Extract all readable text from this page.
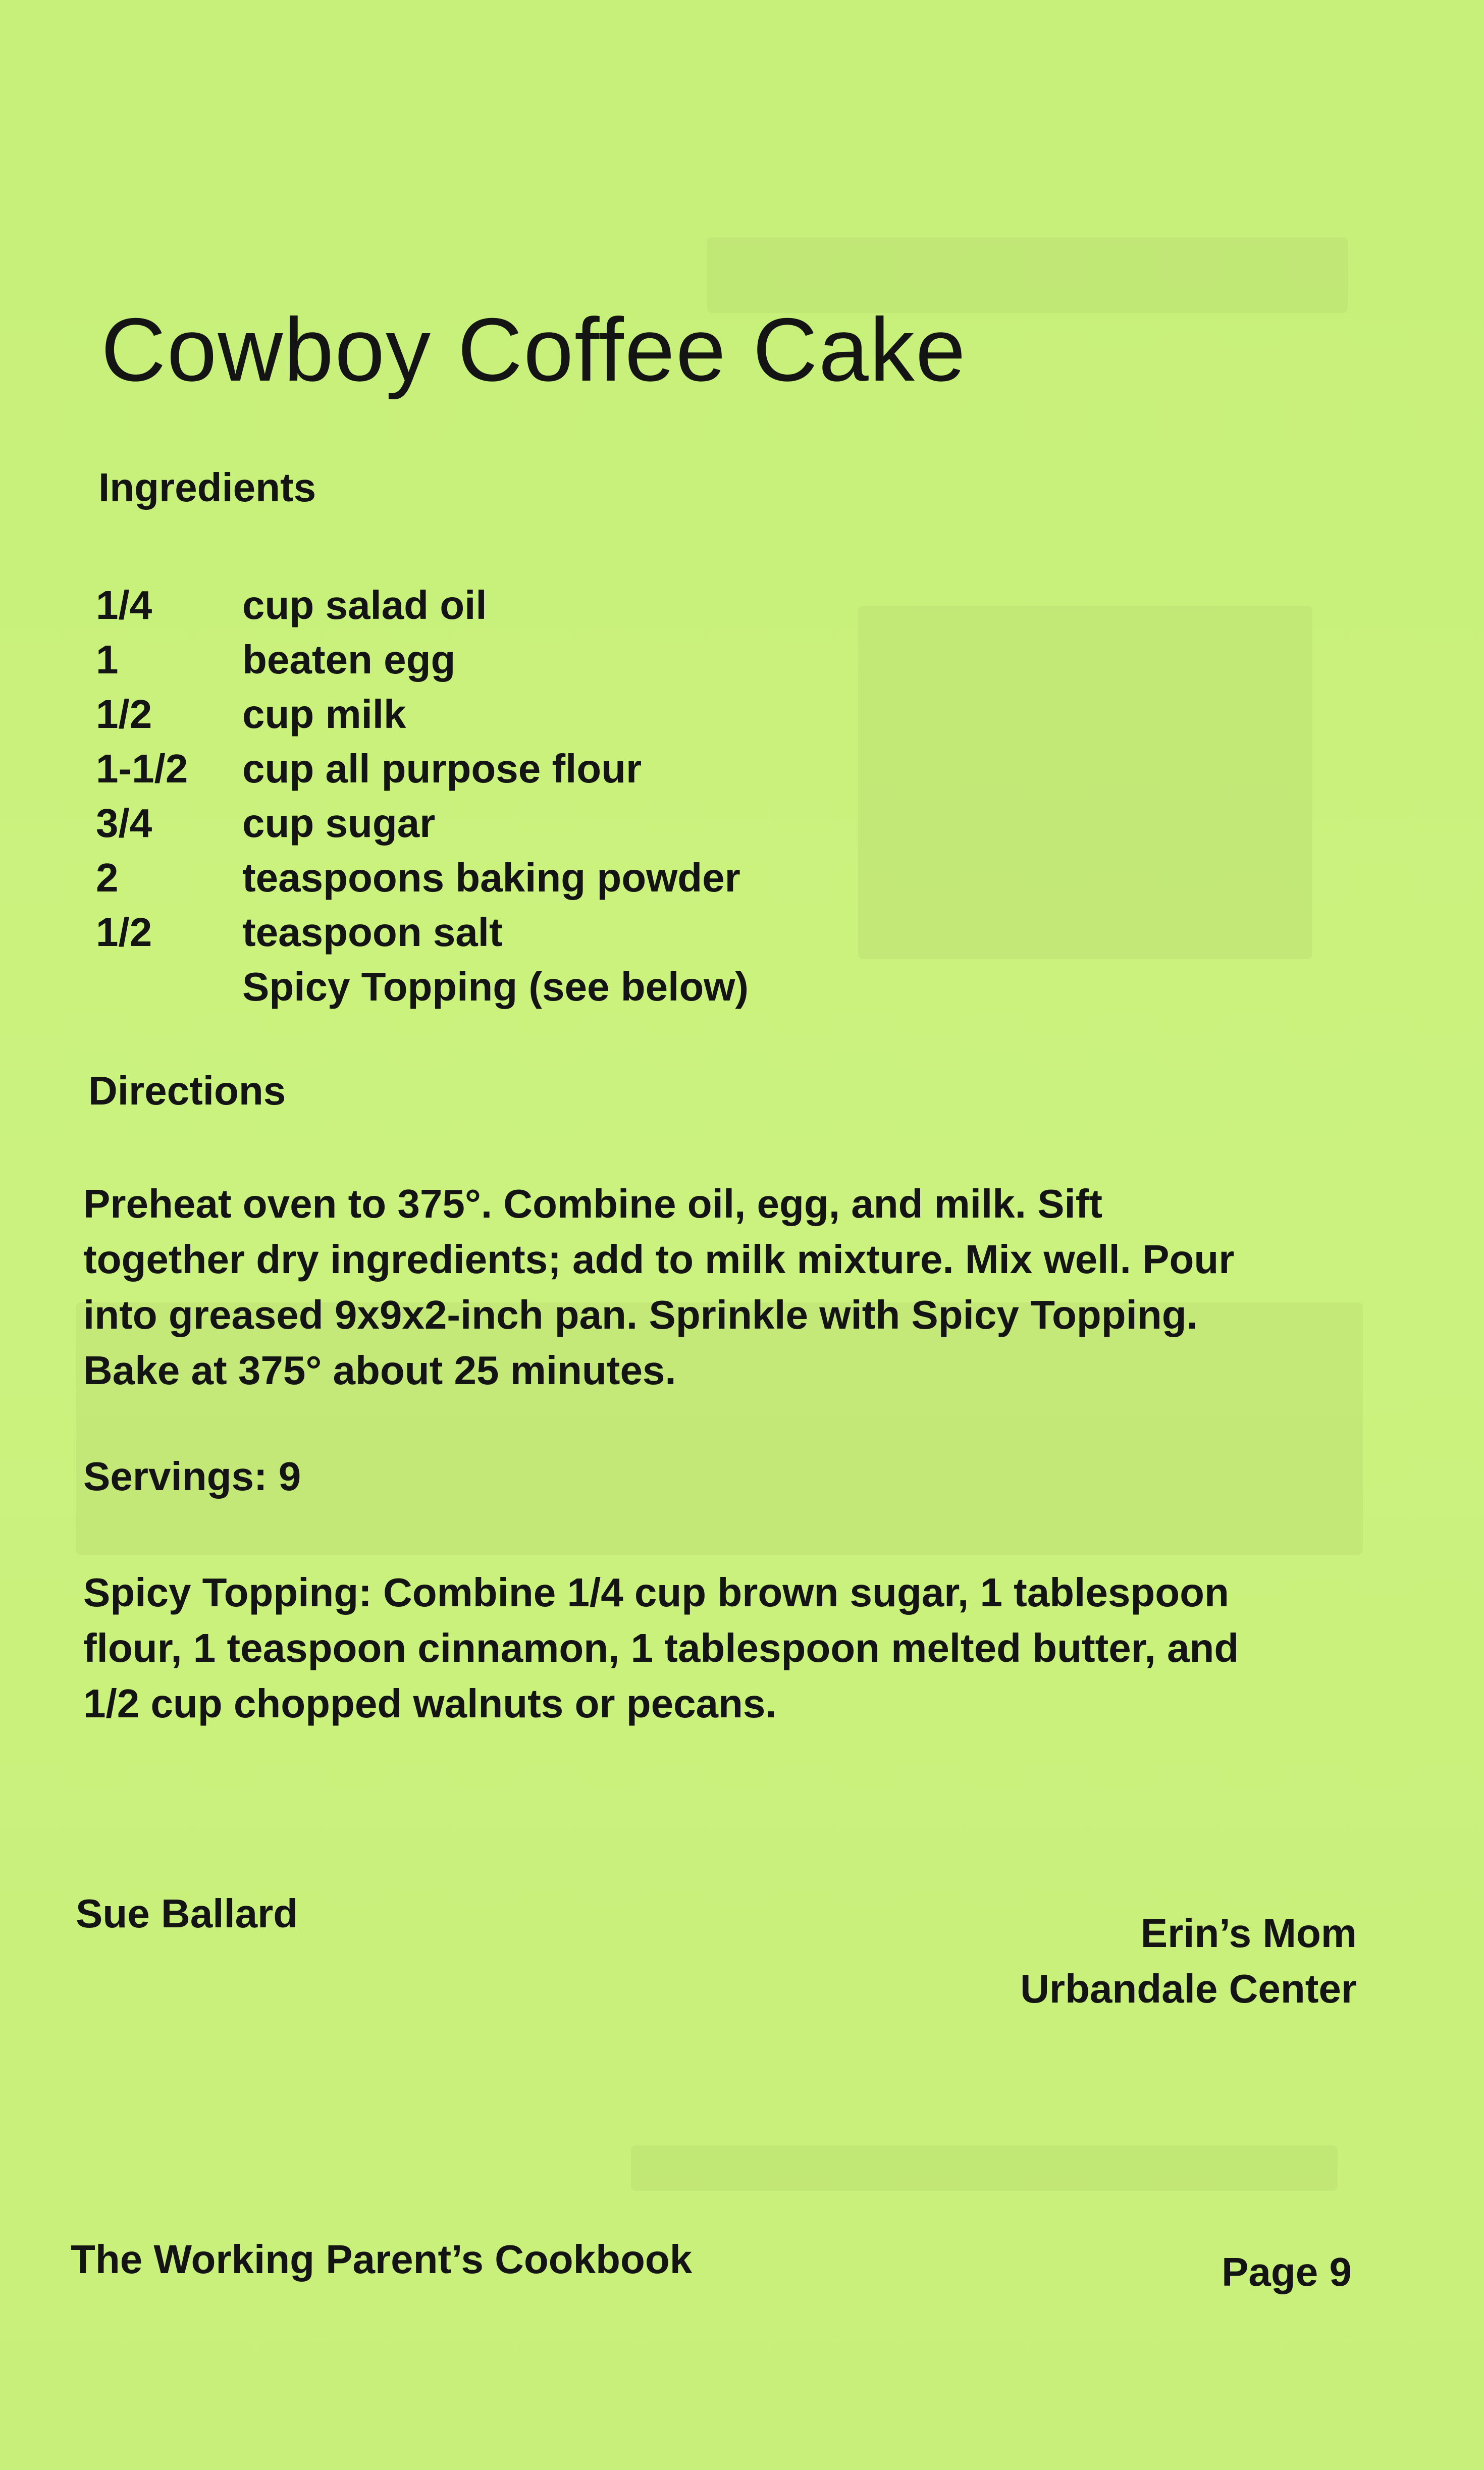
Cowboy Coffee Cake
Ingredients
1/4	cup salad oil
1	beaten egg
1/2	cup milk
1-1/2	cup all purpose flour
3/4	cup sugar
2	teaspoons baking powder
1/2	teaspoon salt
Spicy Topping (see below)
Directions
Preheat oven to 375°. Combine oil, egg, and milk. Sift
together dry ingredients; add to milk mixture. Mix well. Pour
into greased 9x9x2-inch pan. Sprinkle with Spicy Topping.
Bake at 375° about 25 minutes.
Servings: 9
Spicy Topping: Combine 1/4 cup brown sugar, 1 tablespoon
flour, 1 teaspoon cinnamon, 1 tablespoon melted butter, and
1/2 cup chopped walnuts or pecans.
Sue Ballard	Erin’s Mom
Urbandale Center
The Working Parent’s Cookbook	Page 9
